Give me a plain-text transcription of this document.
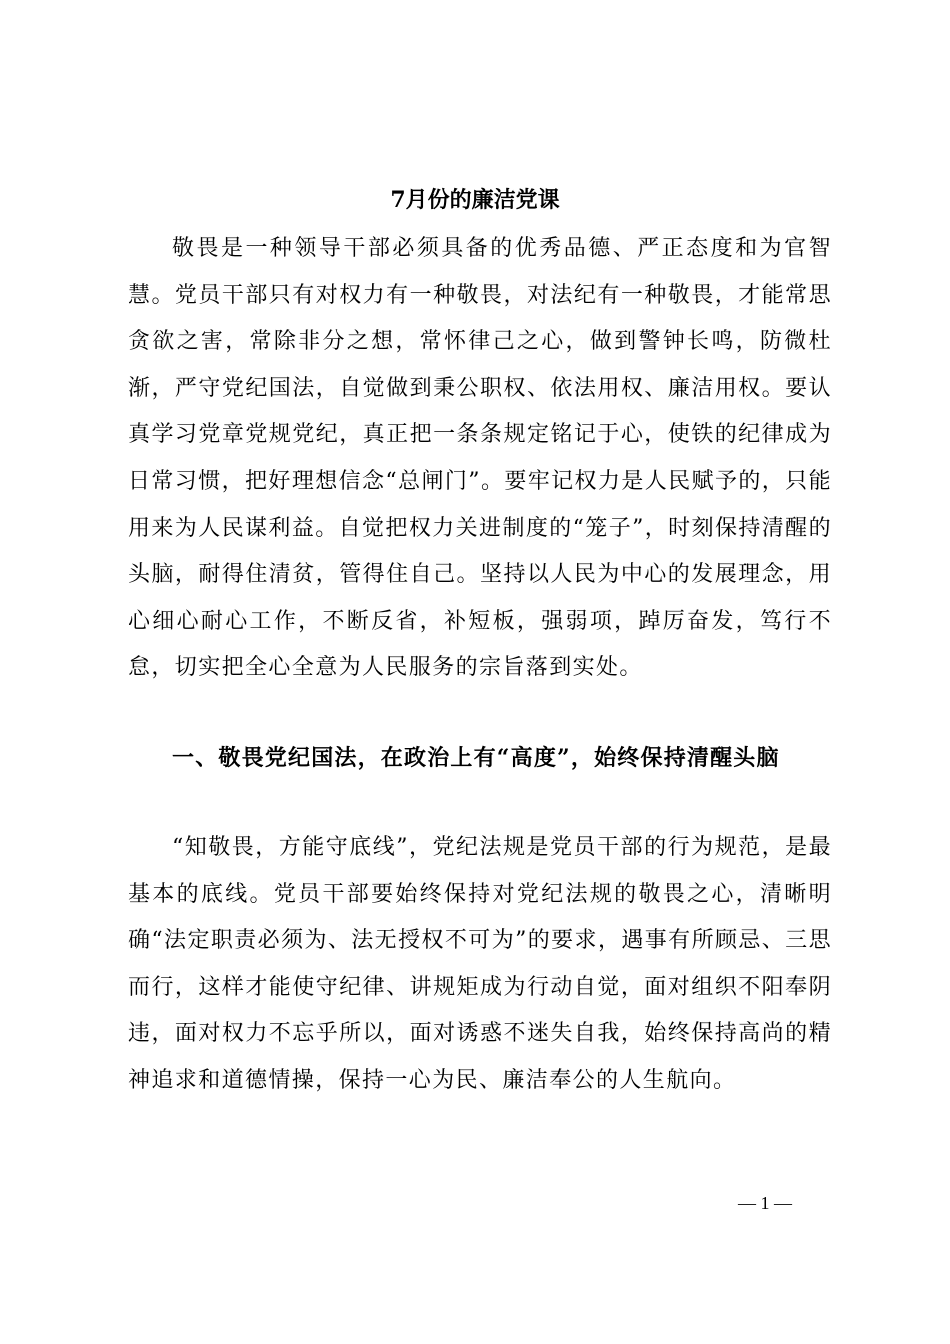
7月份的廉洁党课

敬畏是一种领导干部必须具备的优秀品德、严正态度和为官智慧。党员干部只有对权力有一种敬畏，对法纪有一种敬畏，才能常思贪欲之害，常除非分之想，常怀律己之心，做到警钟长鸣，防微杜渐，严守党纪国法，自觉做到秉公职权、依法用权、廉洁用权。要认真学习党章党规党纪，真正把一条条规定铭记于心，使铁的纪律成为日常习惯，把好理想信念“总闸门”。要牢记权力是人民赋予的，只能用来为人民谋利益。自觉把权力关进制度的“笼子”，时刻保持清醒的头脑，耐得住清贫，管得住自己。坚持以人民为中心的发展理念，用心细心耐心工作，不断反省，补短板，强弱项，踔厉奋发，笃行不怠，切实把全心全意为人民服务的宗旨落到实处。

一、敬畏党纪国法，在政治上有“高度”，始终保持清醒头脑

“知敬畏，方能守底线”，党纪法规是党员干部的行为规范，是最基本的底线。党员干部要始终保持对党纪法规的敬畏之心，清晰明确“法定职责必须为、法无授权不可为”的要求，遇事有所顾忌、三思而行，这样才能使守纪律、讲规矩成为行动自觉，面对组织不阳奉阴违，面对权力不忘乎所以，面对诱惑不迷失自我，始终保持高尚的精神追求和道德情操，保持一心为民、廉洁奉公的人生航向。

— 1 —
